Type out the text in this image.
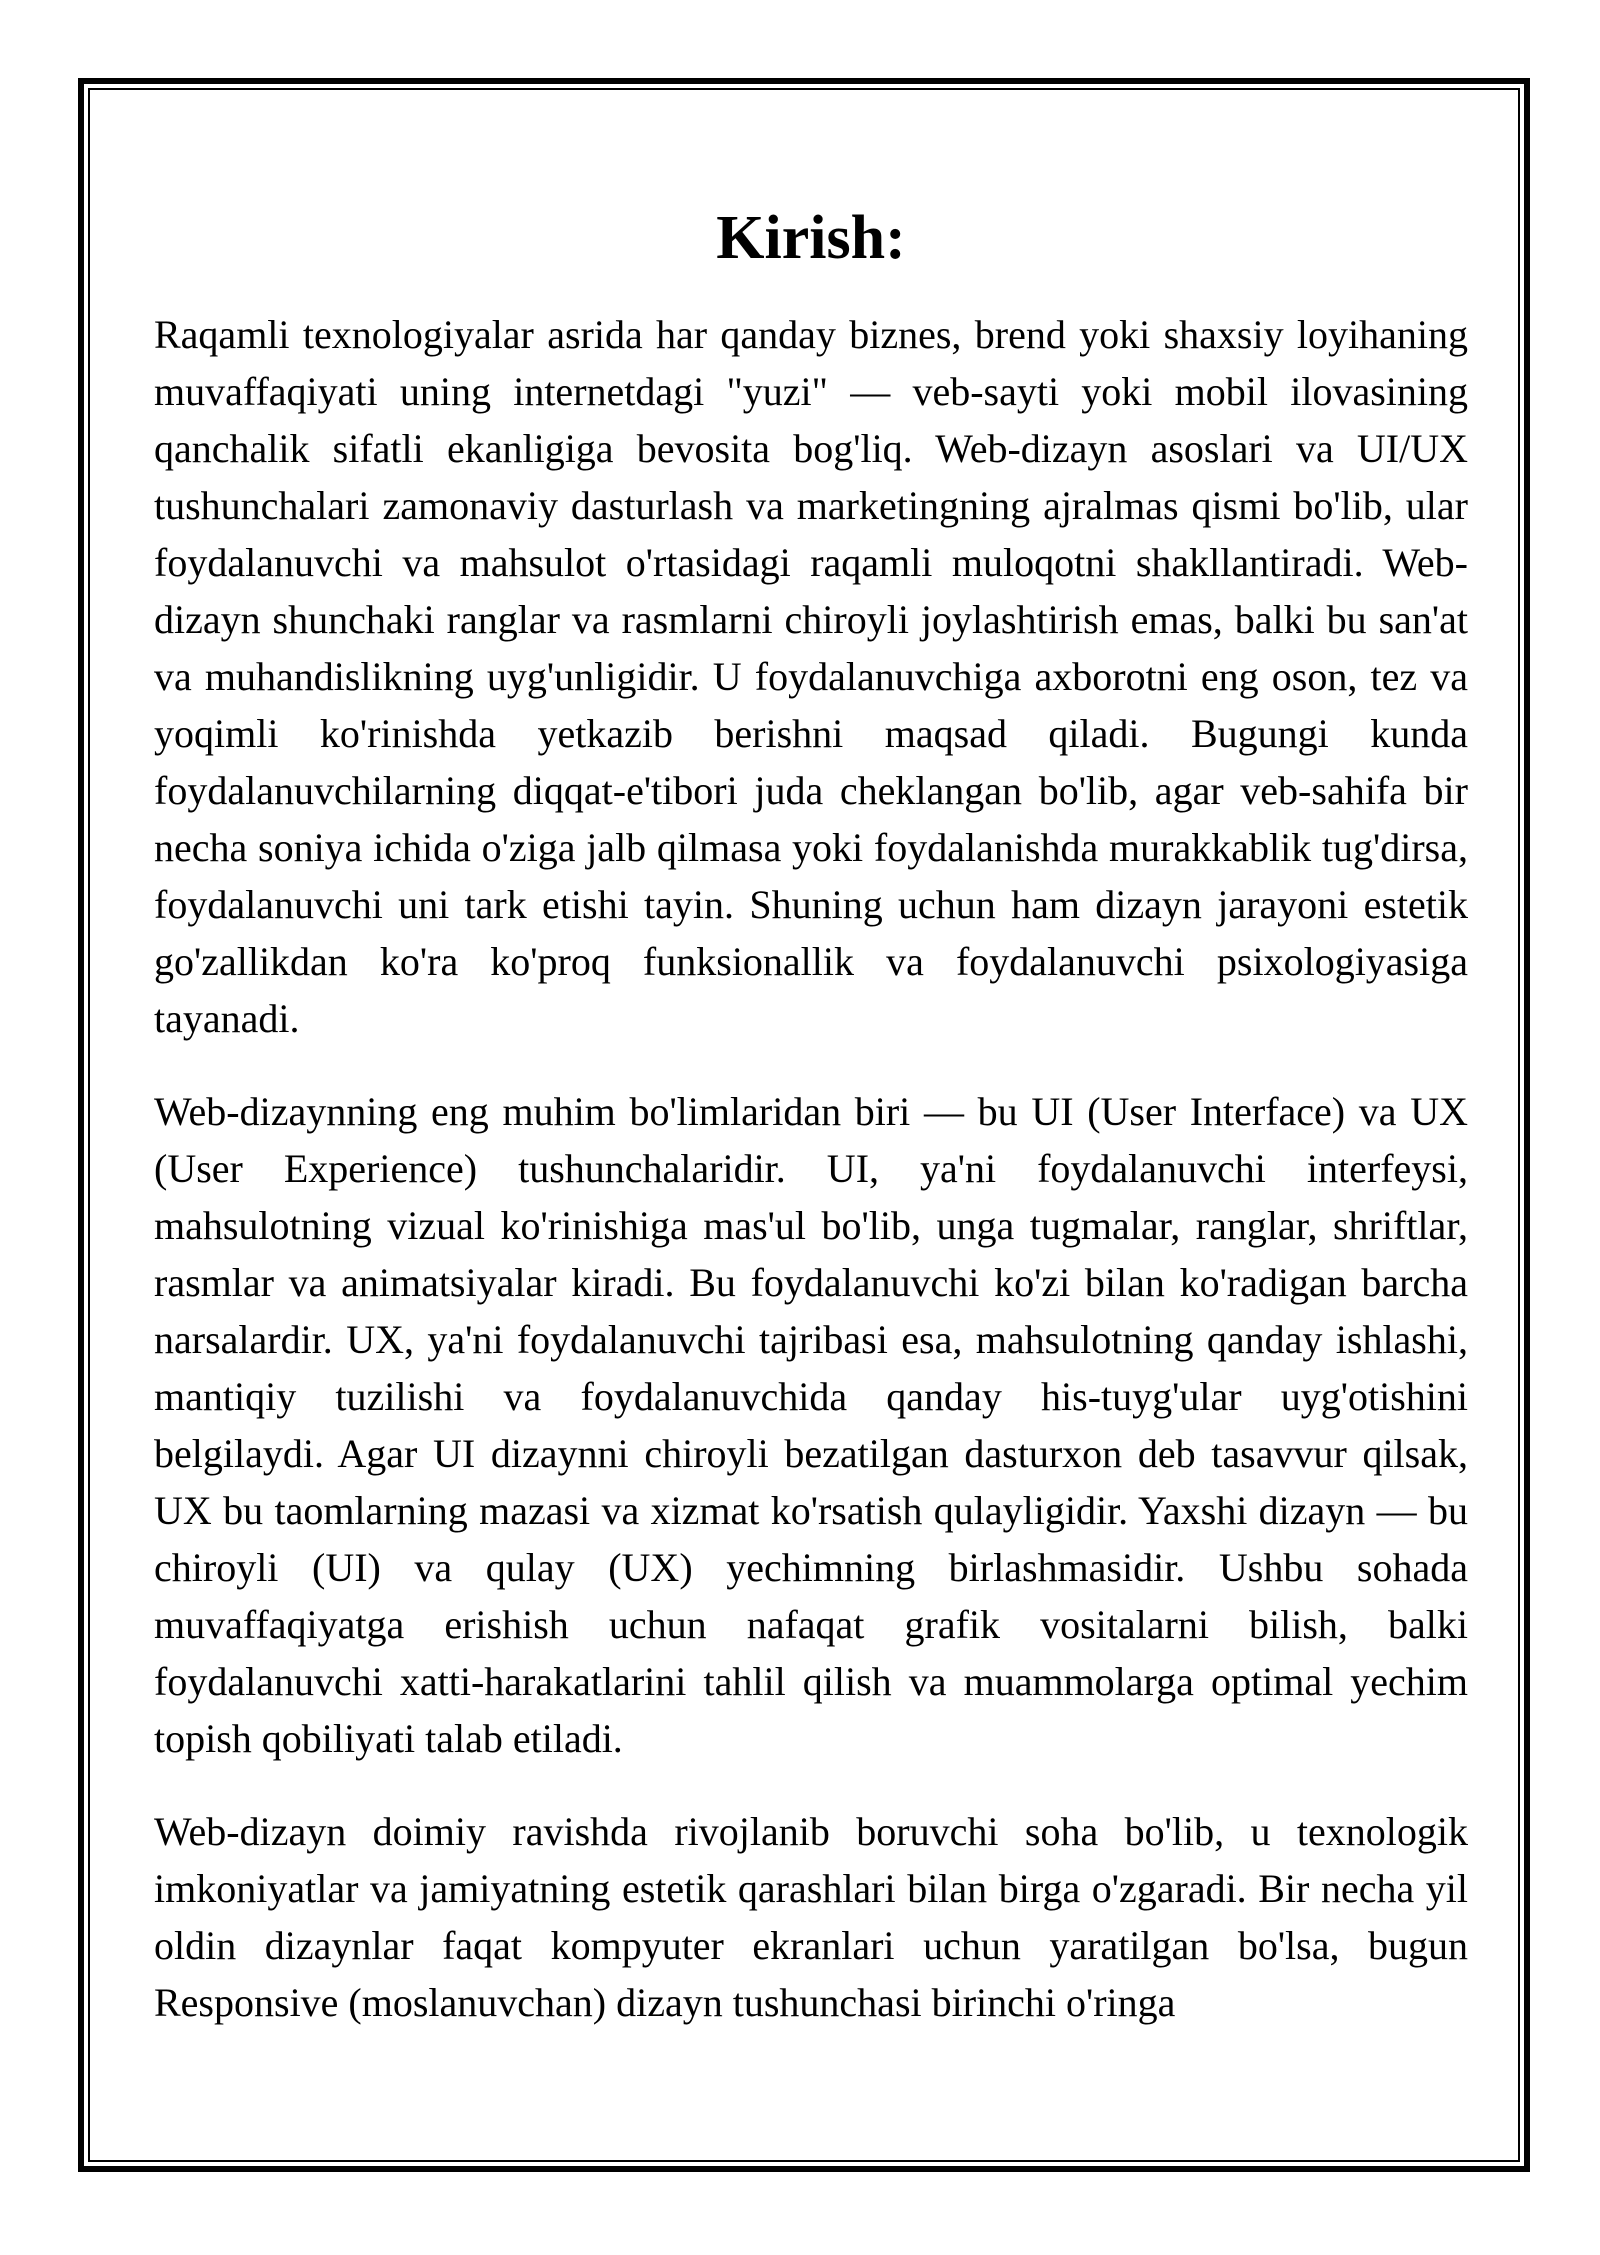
Kirish:

Raqamli texnologiyalar asrida har qanday biznes, brend yoki shaxsiy loyihaning muvaffaqiyati uning internetdagi "yuzi" — veb-sayti yoki mobil ilovasining qanchalik sifatli ekanligiga bevosita bog'liq. Web-dizayn asoslari va UI/UX tushunchalari zamonaviy dasturlash va marketingning ajralmas qismi bo'lib, ular foydalanuvchi va mahsulot o'rtasidagi raqamli muloqotni shakllantiradi. Web-dizayn shunchaki ranglar va rasmlarni chiroyli joylashtirish emas, balki bu san'at va muhandislikning uyg'unligidir. U foydalanuvchiga axborotni eng oson, tez va yoqimli ko'rinishda yetkazib berishni maqsad qiladi. Bugungi kunda foydalanuvchilarning diqqat-e'tibori juda cheklangan bo'lib, agar veb-sahifa bir necha soniya ichida o'ziga jalb qilmasa yoki foydalanishda murakkablik tug'dirsa, foydalanuvchi uni tark etishi tayin. Shuning uchun ham dizayn jarayoni estetik go'zallikdan ko'ra ko'proq funksionallik va foydalanuvchi psixologiyasiga tayanadi.

Web-dizaynning eng muhim bo'limlaridan biri — bu UI (User Interface) va UX (User Experience) tushunchalaridir. UI, ya'ni foydalanuvchi interfeysi, mahsulotning vizual ko'rinishiga mas'ul bo'lib, unga tugmalar, ranglar, shriftlar, rasmlar va animatsiyalar kiradi. Bu foydalanuvchi ko'zi bilan ko'radigan barcha narsalardir. UX, ya'ni foydalanuvchi tajribasi esa, mahsulotning qanday ishlashi, mantiqiy tuzilishi va foydalanuvchida qanday his-tuyg'ular uyg'otishini belgilaydi. Agar UI dizaynni chiroyli bezatilgan dasturxon deb tasavvur qilsak, UX bu taomlarning mazasi va xizmat ko'rsatish qulayligidir. Yaxshi dizayn — bu chiroyli (UI) va qulay (UX) yechimning birlashmasidir. Ushbu sohada muvaffaqiyatga erishish uchun nafaqat grafik vositalarni bilish, balki foydalanuvchi xatti-harakatlarini tahlil qilish va muammolarga optimal yechim topish qobiliyati talab etiladi.

Web-dizayn doimiy ravishda rivojlanib boruvchi soha bo'lib, u texnologik imkoniyatlar va jamiyatning estetik qarashlari bilan birga o'zgaradi. Bir necha yil oldin dizaynlar faqat kompyuter ekranlari uchun yaratilgan bo'lsa, bugun Responsive (moslanuvchan) dizayn tushunchasi birinchi o'ringa
